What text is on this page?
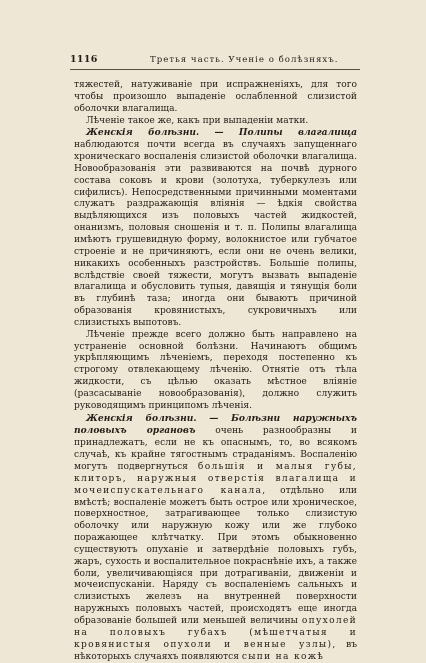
1116	Третья часть. Ученіе о болѣзняхъ.

тяжестей, натуживаніе при испражненіяхъ, для того чтобы произошло выпаденіе ослабленной слизистой оболочки влагалища.

Лѣченіе такое же, какъ при выпаденіи матки.

Женскія болѣзни. — Полипы влагалища наблюдаются почти всегда въ случаяхъ запущеннаго хроническаго воспаленія слизистой оболочки влагалища. Новообразованія эти развиваются на почвѣ дурного состава соковъ и крови (золотуха, туберкулезъ или сифилисъ). Непосредственными причинными моментами служатъ раздражающія вліянія — ѣдкія свойства выдѣляющихся изъ половыхъ частей жидкостей, онанизмъ, половыя сношенія и т. п. Полипы влагалища имѣютъ грушевидную форму, волокнистое или губчатое строеніе и не причиняютъ, если они не очень велики, никакихъ особенныхъ разстройствъ. Большіе полипы, вслѣдствіе своей тяжести, могутъ вызвать выпаденіе влагалища и обусловить тупыя, давящія и тянущія боли въ глубинѣ таза; иногда они бываютъ причиной образованія кровянистыхъ, сукровичныхъ или слизистыхъ выпотовъ.

Лѣченіе прежде всего должно быть направлено на устраненіе основной болѣзни. Начинаютъ общимъ укрѣпляющимъ лѣченіемъ, переходя постепенно къ строгому отвлекающему лѣченію. Отнятіе отъ тѣла жидкости, съ цѣлью оказать мѣстное вліяніе (разсасываніе новообразованія), должно служить руководящимъ принципомъ лѣченія.

Женскія болѣзни. — Болѣзни наружныхъ половыхъ органовъ очень разнообразны и принадлежатъ, если не къ опаснымъ, то, во всякомъ случаѣ, къ крайне тягостнымъ страданіямъ. Воспаленію могутъ подвергнуться большія и малыя губы, клиторъ, наружныя отверстія влагалища и мочеиспускательнаго канала, отдѣльно или вмѣстѣ; воспаленіе можетъ быть острое или хроническое, поверхностное, затрагивающее только слизистую оболочку или наружную кожу или же глубоко поражающее клѣтчатку. При этомъ обыкновенно существуютъ опуханіе и затвердѣніе половыхъ губъ, жаръ, сухость и воспалительное покраснѣніе ихъ, а также боли, увеличивающіяся при дотрагиваніи, движеніи и мочеиспусканіи. Наряду съ воспаленіемъ сальныхъ и слизистыхъ железъ на внутренней поверхности наружныхъ половыхъ частей, происходятъ еще иногда образованіе большей или меньшей величины опухолей на половыхъ губахъ (мѣшетчатыя и кровянистыя опухоли и венные узлы), въ нѣкоторыхъ случаяхъ появляются сыпи на кожѣ
